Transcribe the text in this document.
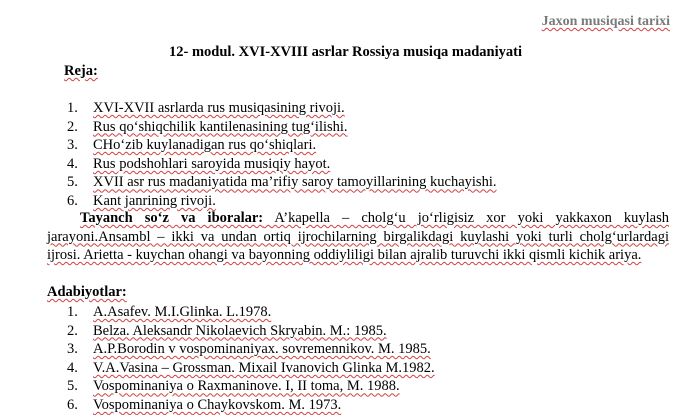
Jaxon musiqasi tarixi
12- modul. XVI-XVIII asrlar Rossiya musiqa madaniyati
Reja:
1. XVI-XVII asrlarda rus musiqasining rivoji.
2. Rus qo‘shiqchilik kantilenasining tug‘ilishi.
3. CHo‘zib kuylanadigan rus qo‘shiqlari.
4. Rus podshohlari saroyida musiqiy hayot.
5. XVII asr rus madaniyatida ma’rifiy saroy tamoyillarining kuchayishi.
6. Kant janrining rivoji.
Tayanch so‘z va iboralar: A’kapella – cholg‘u jo‘rligisiz xor yoki yakkaxon kuylash jarayoni.Ansambl – ikki va undan ortiq ijrochilarning birgalikdagi kuylashi yoki turli cholg‘urlardagi ijrosi. Arietta - kuychan ohangi va bayonning oddiyliligi bilan ajralib turuvchi ikki qismli kichik ariya.
Adabiyotlar:
1. A.Asafev. M.I.Glinka. L.1978.
2. Belza. Aleksandr Nikolaevich Skryabin. M.: 1985.
3. A.P.Borodin v vospominaniyax. sovremennikov. M. 1985.
4. V.A.Vasina – Grossman. Mixail Ivanovich Glinka M.1982.
5. Vospominaniya o Raxmaninove. I, II toma, M. 1988.
6. Vospominaniya o Chaykovskom. M. 1973.
